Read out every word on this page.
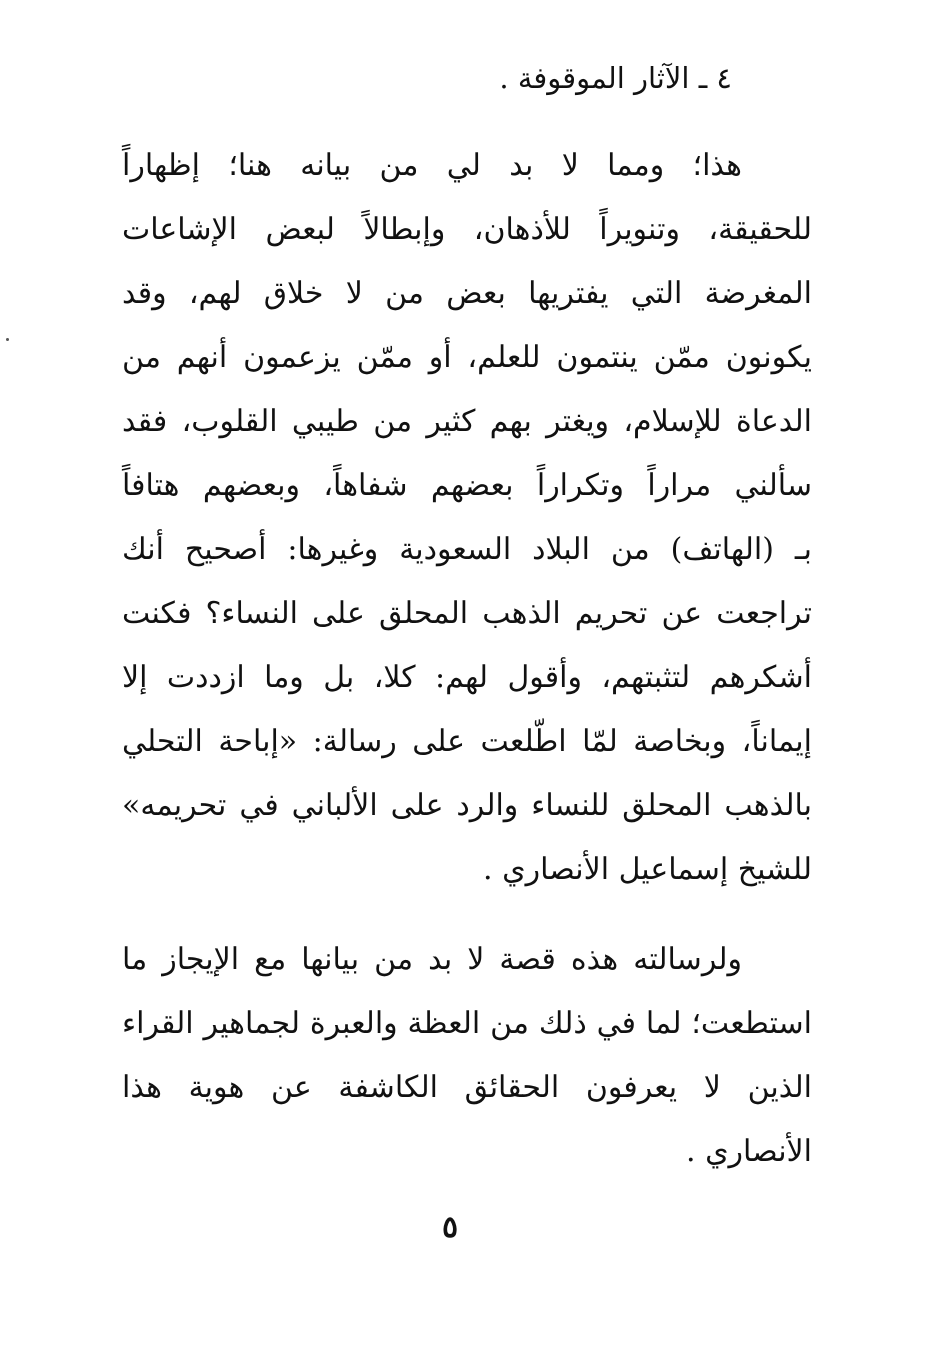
٤ ـ الآثار الموقوفة .
هذا؛ ومما لا بد لي من بيانه هنا؛ إظهاراً
للحقيقة، وتنويراً للأذهان، وإبطالاً لبعض الإشاعات
المغرضة التي يفتريها بعض من لا خلاق لهم، وقد
يكونون ممّن ينتمون للعلم، أو ممّن يزعمون أنهم من
الدعاة للإسلام، ويغتر بهم كثير من طيبي القلوب، فقد
سألني مراراً وتكراراً بعضهم شفاهاً، وبعضهم هتافاً
بـ (الهاتف) من البلاد السعودية وغيرها: أصحيح أنك
تراجعت عن تحريم الذهب المحلق على النساء؟ فكنت
أشكرهم لتثبتهم، وأقول لهم: كلا، بل وما ازددت إلا
إيماناً، وبخاصة لمّا اطّلعت على رسالة: «إباحة التحلي
بالذهب المحلق للنساء والرد على الألباني في تحريمه»
للشيخ إسماعيل الأنصاري .
ولرسالته هذه قصة لا بد من بيانها مع الإيجاز ما
استطعت؛ لما في ذلك من العظة والعبرة لجماهير القراء
الذين لا يعرفون الحقائق الكاشفة عن هوية هذا
الأنصاري .
٥
